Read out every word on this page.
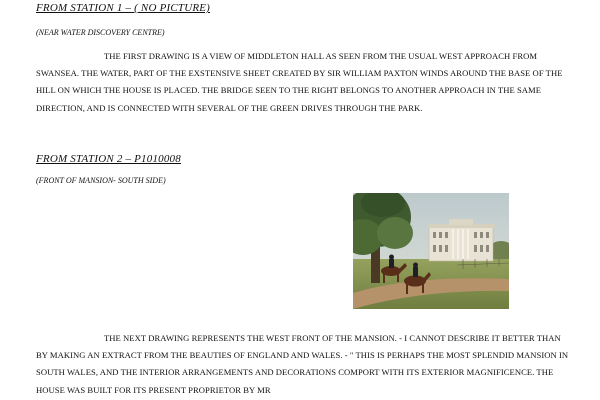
FROM STATION 1 – ( NO PICTURE)

(NEAR WATER DISCOVERY CENTRE)

THE FIRST DRAWING IS A VIEW OF MIDDLETON HALL AS SEEN FROM THE USUAL WEST APPROACH FROM SWANSEA. THE WATER, PART OF THE EXSTENSIVE SHEET CREATED BY SIR WILLIAM PAXTON WINDS AROUND THE BASE OF THE HILL ON WHICH THE HOUSE IS PLACED. THE BRIDGE SEEN TO THE RIGHT BELONGS TO ANOTHER APPROACH IN THE SAME DIRECTION, AND IS CONNECTED WITH SEVERAL OF THE GREEN DRIVES THROUGH THE PARK.

FROM STATION 2 – P1010008

(FRONT OF MANSION- SOUTH SIDE)

THE NEXT DRAWING REPRESENTS THE WEST FRONT OF THE MANSION. - I CANNOT DESCRIBE IT BETTER THAN BY MAKING AN EXTRACT FROM THE BEAUTIES OF ENGLAND AND WALES. - " THIS IS PERHAPS THE MOST SPLENDID MANSION IN SOUTH WALES, AND THE INTERIOR ARRANGEMENTS AND DECORATIONS COMPORT WITH ITS EXTERIOR MAGNIFICENCE. THE HOUSE WAS BUILT FOR ITS PRESENT PROPRIETOR BY MR
